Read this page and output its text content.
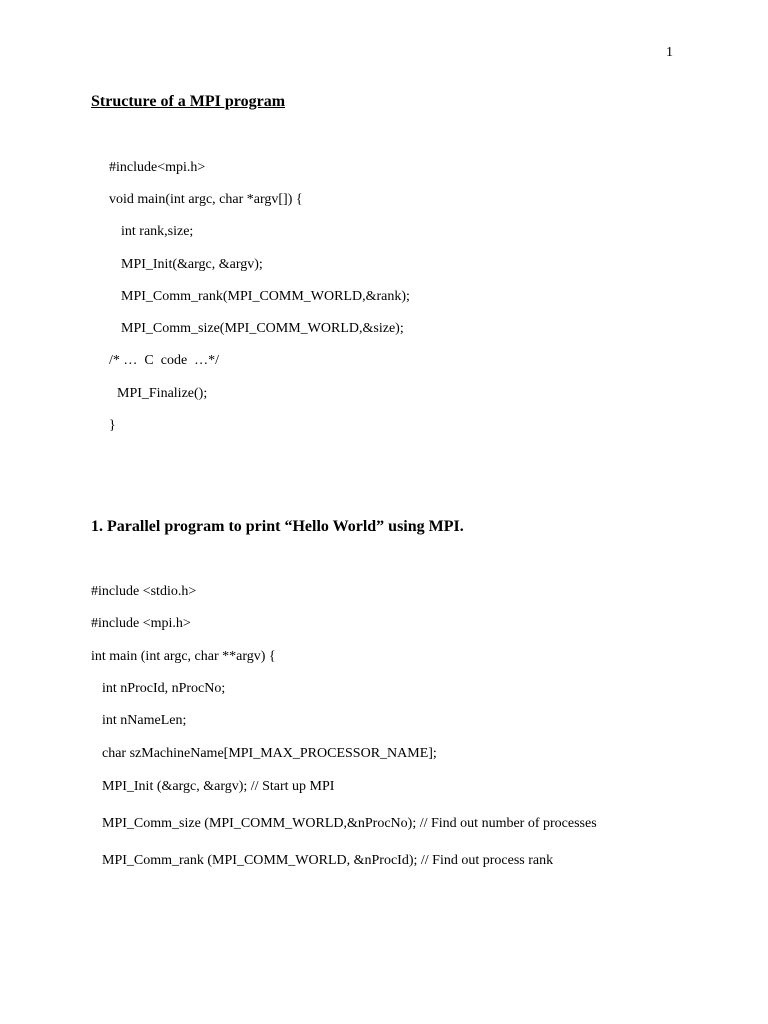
1
Structure of a MPI program
#include<mpi.h>
void main(int argc, char *argv[]) {
int rank,size;
MPI_Init(&argc, &argv);
MPI_Comm_rank(MPI_COMM_WORLD,&rank);
MPI_Comm_size(MPI_COMM_WORLD,&size);
/* …  C  code  …*/
MPI_Finalize();
}
1. Parallel program to print “Hello World” using MPI.
#include <stdio.h>
#include <mpi.h>
int main (int argc, char **argv) {
int nProcId, nProcNo;
int nNameLen;
char szMachineName[MPI_MAX_PROCESSOR_NAME];
MPI_Init (&argc, &argv); // Start up MPI
MPI_Comm_size (MPI_COMM_WORLD,&nProcNo); // Find out number of processes
MPI_Comm_rank (MPI_COMM_WORLD, &nProcId); // Find out process rank
